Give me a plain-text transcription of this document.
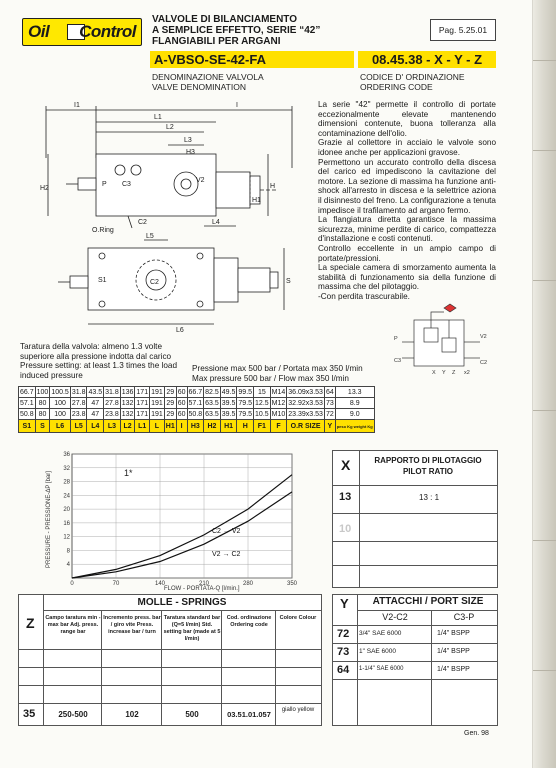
Oil Control
VALVOLE DI BILANCIAMENTO
A SEMPLICE EFFETTO, SERIE “42”
FLANGIABILI PER ARGANI
Pag. 5.25.01
A-VBSO-SE-42-FA	08.45.38 - X - Y - Z
DENOMINAZIONE VALVOLA
VALVE DENOMINATION
CODICE D' ORDINAZIONE
ORDERING CODE
I1	I
L1
L2
L3
P C3
V2
C2
O.Ring
H
H1
H2
L4
H3
L5
C2
S1	S
L6

La serie "42" permette il controllo di portate eccezionalmente elevate mantenendo dimensioni contenute, buona tolleranza alla contaminazione dell'olio.

Grazie al collettore in acciaio le valvole sono idonee anche per applicazioni gravose.

Permettono un accurato controllo della discesa del carico ed impediscono la cavitazione del motore. La sezione di massima ha funzione anti-shock all'arresto in discesa e la selettrice aziona il disinnesto del freno. La configurazione a tenuta impedisce il trafilamento ad argano fermo.

La flangiatura diretta garantisce la massima sicurezza, minime perdite di carico, compattezza d'installazione e costi contenuti.

Controllo eccellente in un ampio campo di portate/pressioni.

La speciale camera di smorzamento aumenta la stabilità di funzionamento sia della funzione di massima che del pilotaggio.

-Con perdita trascurabile.

P
C3
V2
C2
X Y Z x2
Taratura della valvola: almeno 1.3 volte superiore alla pressione indotta dal carico
Pressure setting: at least 1.3 times the load induced pressure
Pressione max 500 bar / Portata max 350 l/min
Max pressure 500 bar / Flow max 350 l/min
66.7	100	100.5	31.8	43.5	31.8	136	171	191	29	60	66.7	82.5	49.5	99.5	15	M14	36.09x3.53	64	13.3
57.1	80	100	27.8	47	27.8	132	171	191	29	60	57.1	63.5	39.5	79.5	12.5	M12	32.92x3.53	73	8.9
50.8	80	100	23.8	47	23.8	132	171	191	29	60	50.8	63.5	39.5	79.5	10.5	M10	23.39x3.53	72	9.0
S1	S	L6	L5	L4	L3	L2	L1	L	H1	I	H3	H2	H1	H	F1	F	O.R SIZE	Y	peso Kg weight Kg
C2 → V2
V2 → C2
0	70	140	210	280	350
4
8
12
16
20
24
28
32
36
1*
FLOW - PORTATA-Q [l/min.]
PRESSURE - PRESSIONE-ΔP [bar]
X	RAPPORTO DI PILOTAGGIO
PILOT RATIO
13	13 : 1
10
Z
MOLLE - SPRINGS
Campo taratura min - max bar Adj. press. range bar
Incremento press. bar / giro vite Press. increase bar / turn
Taratura standard bar (Q=5 l/min) Std. setting bar (made at 5 l/min)
Cod. ordinazione Ordering code
Colore Colour
35	250-500	102	500	03.51.01.057	giallo yellow
Y	ATTACCHI / PORT SIZE
V2-C2	C3-P
72 3/4" SAE 6000	1/4" BSPP
73 1" SAE 6000	1/4" BSPP
64 1-1/4" SAE 6000	1/4" BSPP
Gen. 98
